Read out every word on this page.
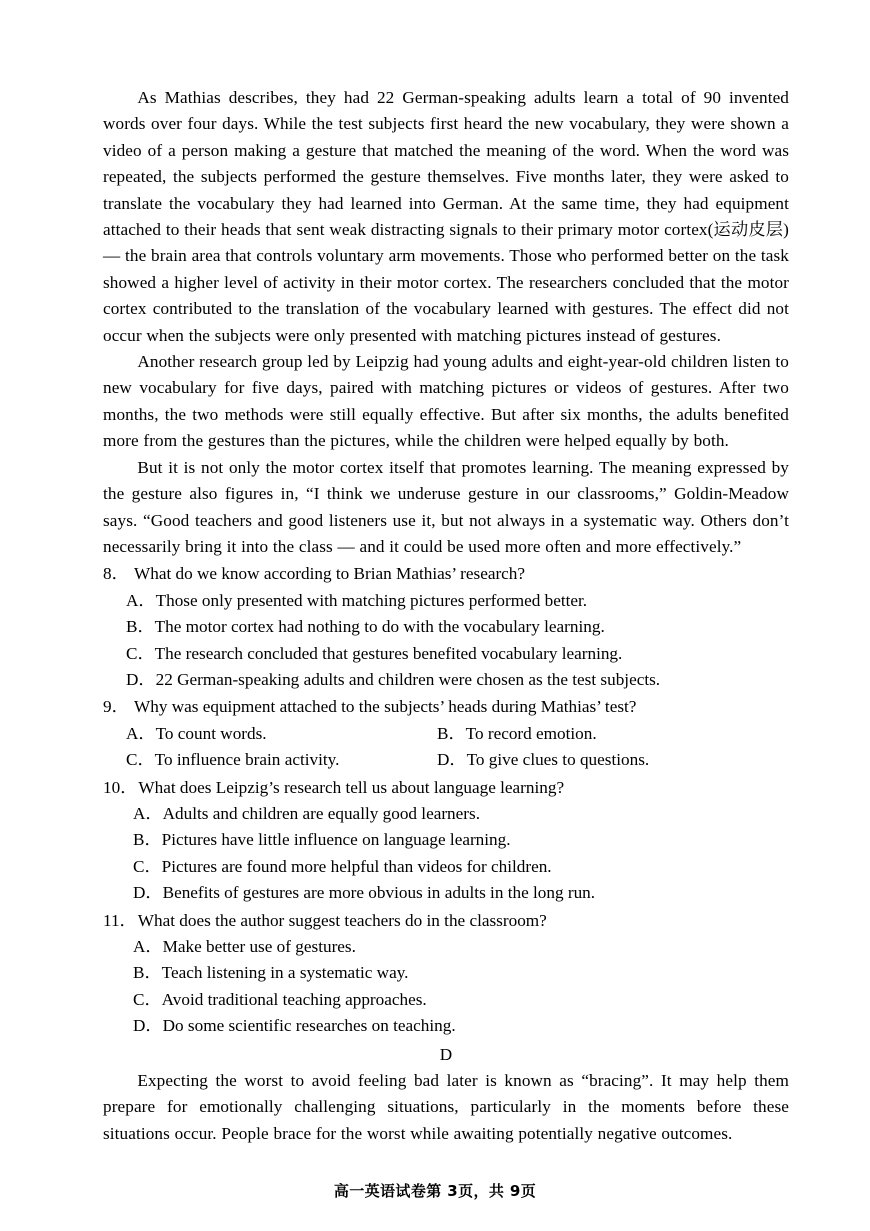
As Mathias describes, they had 22 German-speaking adults learn a total of 90 invented words over four days. While the test subjects first heard the new vocabulary, they were shown a video of a person making a gesture that matched the meaning of the word. When the word was repeated, the subjects performed the gesture themselves. Five months later, they were asked to translate the vocabulary they had learned into German. At the same time, they had equipment attached to their heads that sent weak distracting signals to their primary motor cortex(运动皮层) — the brain area that controls voluntary arm movements. Those who performed better on the task showed a higher level of activity in their motor cortex. The researchers concluded that the motor cortex contributed to the translation of the vocabulary learned with gestures. The effect did not occur when the subjects were only presented with matching pictures instead of gestures.

Another research group led by Leipzig had young adults and eight-year-old children listen to new vocabulary for five days, paired with matching pictures or videos of gestures. After two months, the two methods were still equally effective. But after six months, the adults benefited more from the gestures than the pictures, while the children were helped equally by both.

But it is not only the motor cortex itself that promotes learning. The meaning expressed by the gesture also figures in, “I think we underuse gesture in our classrooms,” Goldin-Meadow says. “Good teachers and good listeners use it, but not always in a systematic way. Others don’t necessarily bring it into the class — and it could be used more often and more effectively.”

8． What do we know according to Brian Mathias’ research?

A．Those only presented with matching pictures performed better.
B．The motor cortex had nothing to do with the vocabulary learning.
C．The research concluded that gestures benefited vocabulary learning.
D．22 German-speaking adults and children were chosen as the test subjects.

9． Why was equipment attached to the subjects’ heads during Mathias’ test?

A．To count words.	B．To record emotion.
C．To influence brain activity.	D．To give clues to questions.

10．What does Leipzig’s research tell us about language learning?

A．Adults and children are equally good learners.
B．Pictures have little influence on language learning.
C．Pictures are found more helpful than videos for children.
D．Benefits of gestures are more obvious in adults in the long run.

11．What does the author suggest teachers do in the classroom?

A．Make better use of gestures.
B．Teach listening in a systematic way.
C．Avoid traditional teaching approaches.
D．Do some scientific researches on teaching.

D

Expecting the worst to avoid feeling bad later is known as “bracing”. It may help them prepare for emotionally challenging situations, particularly in the moments before these situations occur. People brace for the worst while awaiting potentially negative outcomes.

高一英语试卷第 3页，共 9页
